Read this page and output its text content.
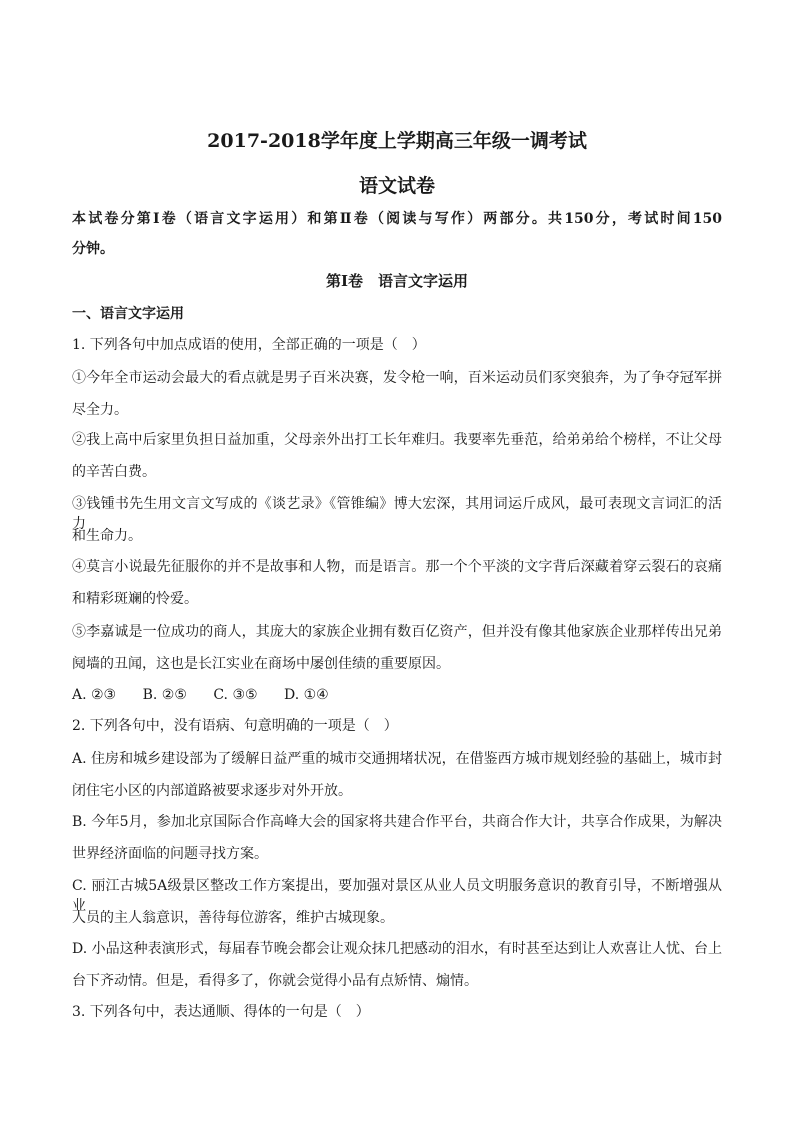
2017-2018学年度上学期高三年级一调考试
语文试卷
本试卷分第Ⅰ卷（语言文字运用）和第Ⅱ卷（阅读与写作）两部分。共150分，考试时间150
分钟。
第Ⅰ卷　语言文字运用
一、语言文字运用
1. 下列各句中加点成语的使用，全部正确的一项是（　）
①今年全市运动会最大的看点就是男子百米决赛，发令枪一响，百米运动员们豕突狼奔，为了争夺冠军拼
尽全力。
②我上高中后家里负担日益加重，父母亲外出打工长年难归。我要率先垂范，给弟弟给个榜样，不让父母
的辛苦白费。
③钱锺书先生用文言文写成的《谈艺录》《管锥编》博大宏深，其用词运斤成风，最可表现文言词汇的活力
和生命力。
④莫言小说最先征服你的并不是故事和人物，而是语言。那一个个平淡的文字背后深藏着穿云裂石的哀痛
和精彩斑斓的怜爱。
⑤李嘉诚是一位成功的商人，其庞大的家族企业拥有数百亿资产，但并没有像其他家族企业那样传出兄弟
阋墙的丑闻，这也是长江实业在商场中屡创佳绩的重要原因。
A. ②③ B. ②⑤ C. ③⑤ D. ①④
2. 下列各句中，没有语病、句意明确的一项是（　）
A. 住房和城乡建设部为了缓解日益严重的城市交通拥堵状况，在借鉴西方城市规划经验的基础上，城市封
闭住宅小区的内部道路被要求逐步对外开放。
B. 今年5月，参加北京国际合作高峰大会的国家将共建合作平台，共商合作大计，共享合作成果，为解决
世界经济面临的问题寻找方案。
C. 丽江古城5A级景区整改工作方案提出，要加强对景区从业人员文明服务意识的教育引导，不断增强从业
人员的主人翁意识，善待每位游客，维护古城现象。
D. 小品这种表演形式，每届春节晚会都会让观众抹几把感动的泪水，有时甚至达到让人欢喜让人忧、台上
台下齐动情。但是，看得多了，你就会觉得小品有点矫情、煽情。
3. 下列各句中，表达通顺、得体的一句是（　）
